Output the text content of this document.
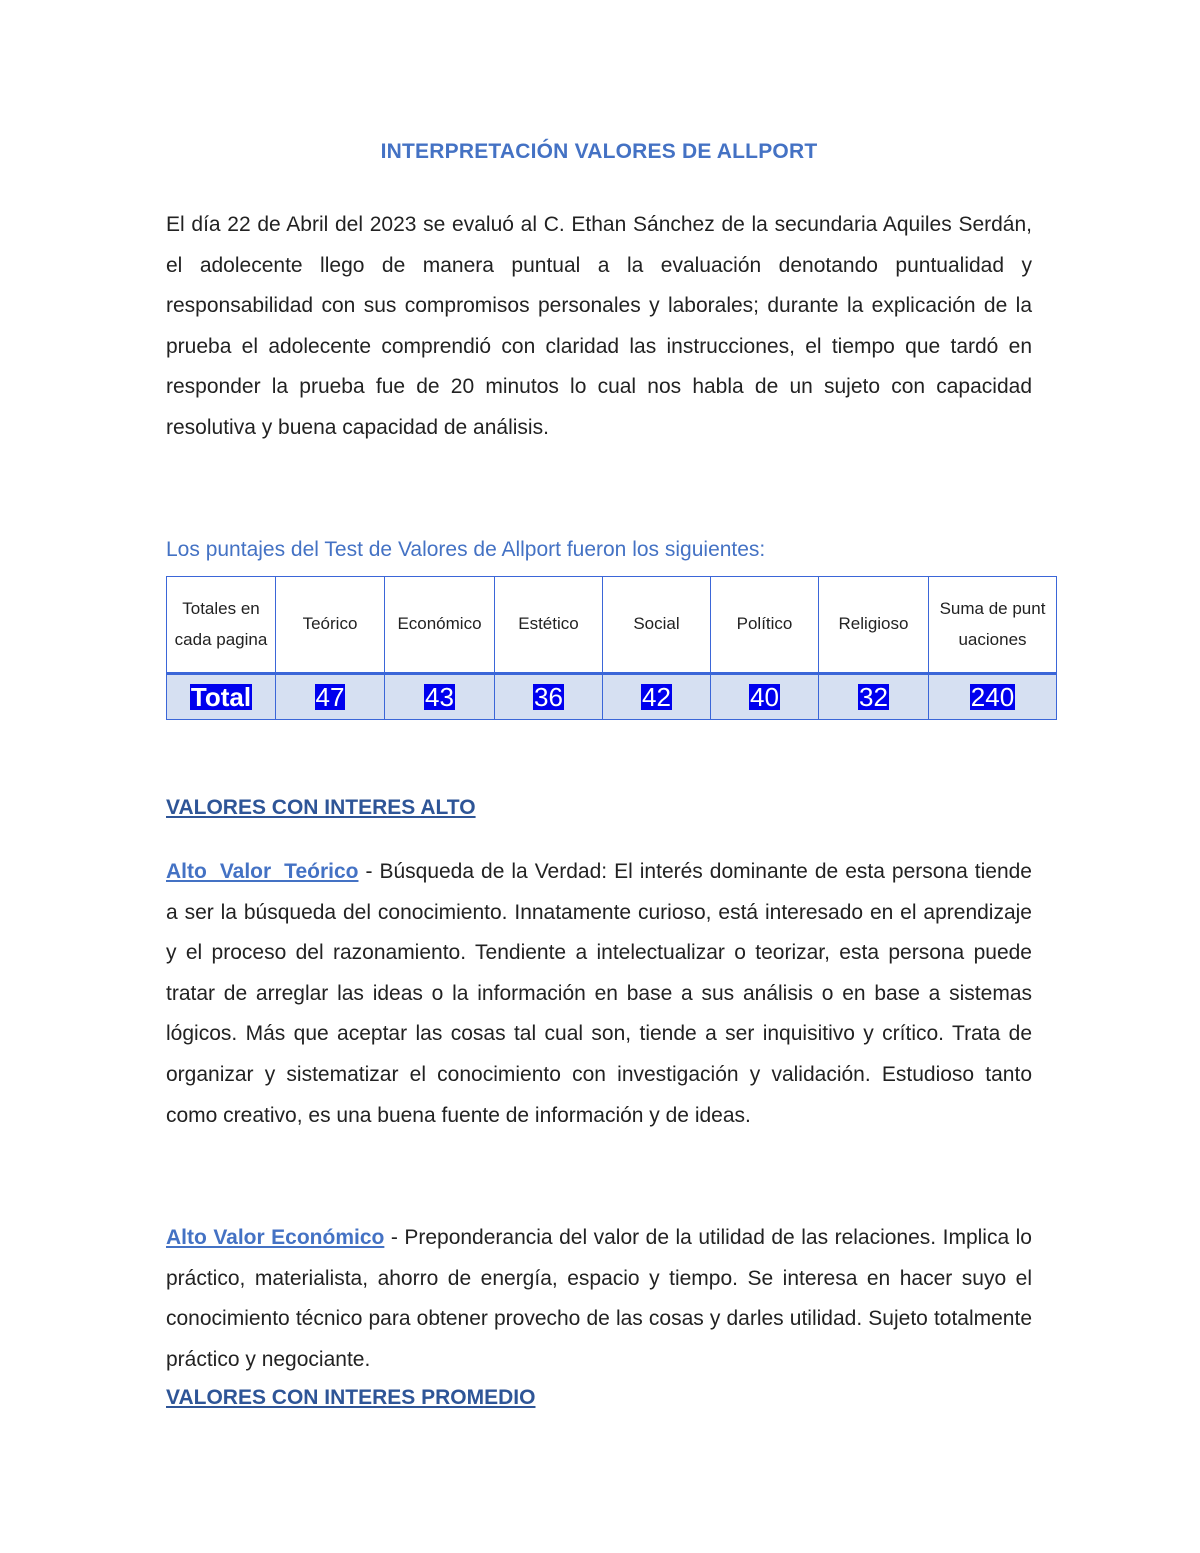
INTERPRETACIÓN VALORES DE ALLPORT

El día 22 de Abril del 2023 se evaluó al C. Ethan Sánchez de la secundaria Aquiles Serdán, el adolecente llego de manera puntual a la evaluación denotando puntualidad y responsabilidad con sus compromisos personales y laborales; durante la explicación de la prueba el adolecente comprendió con claridad las instrucciones, el tiempo que tardó en responder la prueba fue de 20 minutos lo cual nos habla de un sujeto con capacidad resolutiva y buena capacidad de análisis.

Los puntajes del Test de Valores de Allport fueron los siguientes:
Totales en cada pagina	Teórico	Económico	Estético	Social	Político	Religioso	Suma de puntuaciones
Total	47	43	36	42	40	32	240
VALORES CON INTERES ALTO

Alto Valor Teórico - Búsqueda de la Verdad: El interés dominante de esta persona tiende a ser la búsqueda del conocimiento. Innatamente curioso, está interesado en el aprendizaje y el proceso del razonamiento. Tendiente a intelectualizar o teorizar, esta persona puede tratar de arreglar las ideas o la información en base a sus análisis o en base a sistemas lógicos. Más que aceptar las cosas tal cual son, tiende a ser inquisitivo y crítico. Trata de organizar y sistematizar el conocimiento con investigación y validación. Estudioso tanto como creativo, es una buena fuente de información y de ideas.

Alto Valor Económico - Preponderancia del valor de la utilidad de las relaciones. Implica lo práctico, materialista, ahorro de energía, espacio y tiempo. Se interesa en hacer suyo el conocimiento técnico para obtener provecho de las cosas y darles utilidad. Sujeto totalmente práctico y negociante.

VALORES CON INTERES PROMEDIO
